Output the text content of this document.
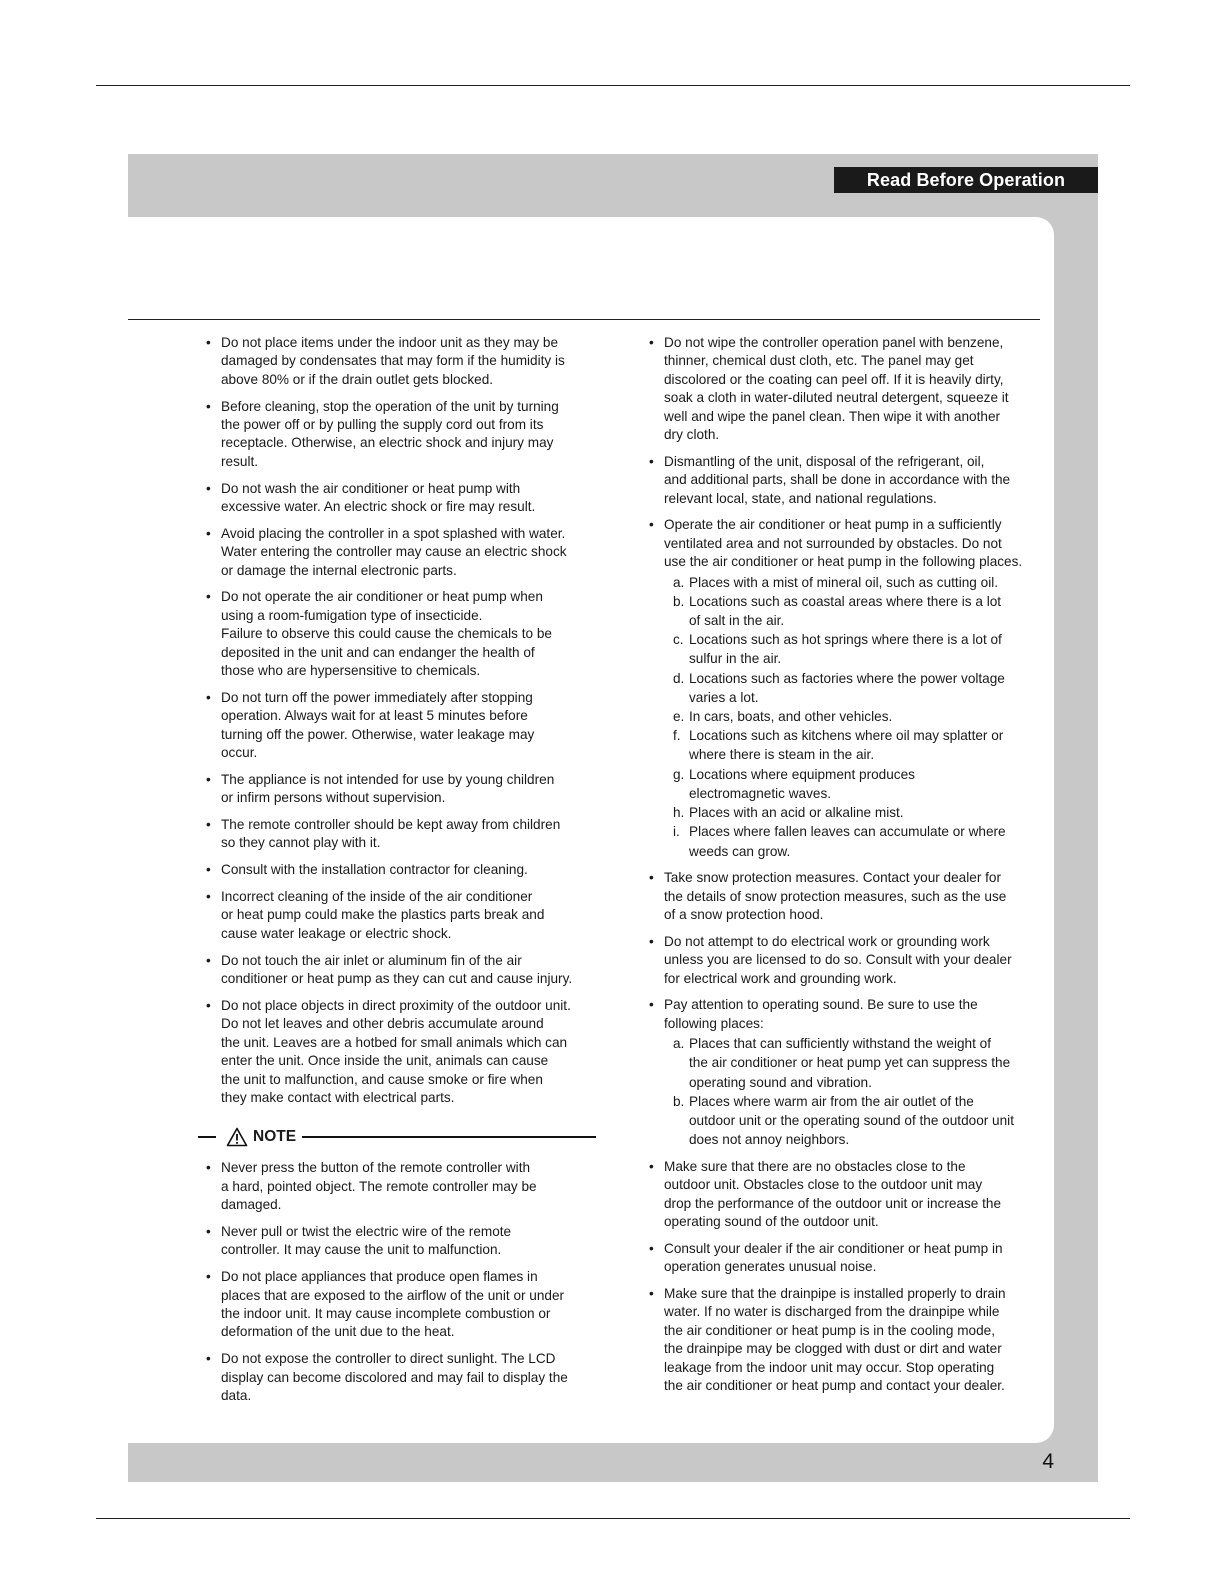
Read Before Operation
• Do not place items under the indoor unit as they may be
damaged by condensates that may form if the humidity is
above 80% or if the drain outlet gets blocked.
• Before cleaning, stop the operation of the unit by turning
the power off or by pulling the supply cord out from its
receptacle. Otherwise, an electric shock and injury may
result.
• Do not wash the air conditioner or heat pump with
excessive water. An electric shock or fire may result.
• Avoid placing the controller in a spot splashed with water.
Water entering the controller may cause an electric shock
or damage the internal electronic parts.
• Do not operate the air conditioner or heat pump when
using a room-fumigation type of insecticide.
Failure to observe this could cause the chemicals to be
deposited in the unit and can endanger the health of
those who are hypersensitive to chemicals.
• Do not turn off the power immediately after stopping
operation. Always wait for at least 5 minutes before
turning off the power. Otherwise, water leakage may
occur.
• The appliance is not intended for use by young children
or infirm persons without supervision.
• The remote controller should be kept away from children
so they cannot play with it.
• Consult with the installation contractor for cleaning.
• Incorrect cleaning of the inside of the air conditioner
or heat pump could make the plastics parts break and
cause water leakage or electric shock.
• Do not touch the air inlet or aluminum fin of the air
conditioner or heat pump as they can cut and cause injury.
• Do not place objects in direct proximity of the outdoor unit.
Do not let leaves and other debris accumulate around
the unit. Leaves are a hotbed for small animals which can
enter the unit. Once inside the unit, animals can cause
the unit to malfunction, and cause smoke or fire when
they make contact with electrical parts.
NOTE
• Never press the button of the remote controller with
a hard, pointed object. The remote controller may be
damaged.
• Never pull or twist the electric wire of the remote
controller. It may cause the unit to malfunction.
• Do not place appliances that produce open flames in
places that are exposed to the airflow of the unit or under
the indoor unit. It may cause incomplete combustion or
deformation of the unit due to the heat.
• Do not expose the controller to direct sunlight. The LCD
display can become discolored and may fail to display the
data.
• Do not wipe the controller operation panel with benzene,
thinner, chemical dust cloth, etc. The panel may get
discolored or the coating can peel off. If it is heavily dirty,
soak a cloth in water-diluted neutral detergent, squeeze it
well and wipe the panel clean. Then wipe it with another
dry cloth.
• Dismantling of the unit, disposal of the refrigerant, oil,
and additional parts, shall be done in accordance with the
relevant local, state, and national regulations.
• Operate the air conditioner or heat pump in a sufficiently
ventilated area and not surrounded by obstacles. Do not
use the air conditioner or heat pump in the following places.
a. Places with a mist of mineral oil, such as cutting oil.
b. Locations such as coastal areas where there is a lot
of salt in the air.
c. Locations such as hot springs where there is a lot of
sulfur in the air.
d. Locations such as factories where the power voltage
varies a lot.
e. In cars, boats, and other vehicles.
f. Locations such as kitchens where oil may splatter or
where there is steam in the air.
g. Locations where equipment produces
electromagnetic waves.
h. Places with an acid or alkaline mist.
i. Places where fallen leaves can accumulate or where
weeds can grow.
• Take snow protection measures. Contact your dealer for
the details of snow protection measures, such as the use
of a snow protection hood.
• Do not attempt to do electrical work or grounding work
unless you are licensed to do so. Consult with your dealer
for electrical work and grounding work.
• Pay attention to operating sound. Be sure to use the
following places:
a. Places that can sufficiently withstand the weight of
the air conditioner or heat pump yet can suppress the
operating sound and vibration.
b. Places where warm air from the air outlet of the
outdoor unit or the operating sound of the outdoor unit
does not annoy neighbors.
• Make sure that there are no obstacles close to the
outdoor unit. Obstacles close to the outdoor unit may
drop the performance of the outdoor unit or increase the
operating sound of the outdoor unit.
• Consult your dealer if the air conditioner or heat pump in
operation generates unusual noise.
• Make sure that the drainpipe is installed properly to drain
water. If no water is discharged from the drainpipe while
the air conditioner or heat pump is in the cooling mode,
the drainpipe may be clogged with dust or dirt and water
leakage from the indoor unit may occur. Stop operating
the air conditioner or heat pump and contact your dealer.
4
